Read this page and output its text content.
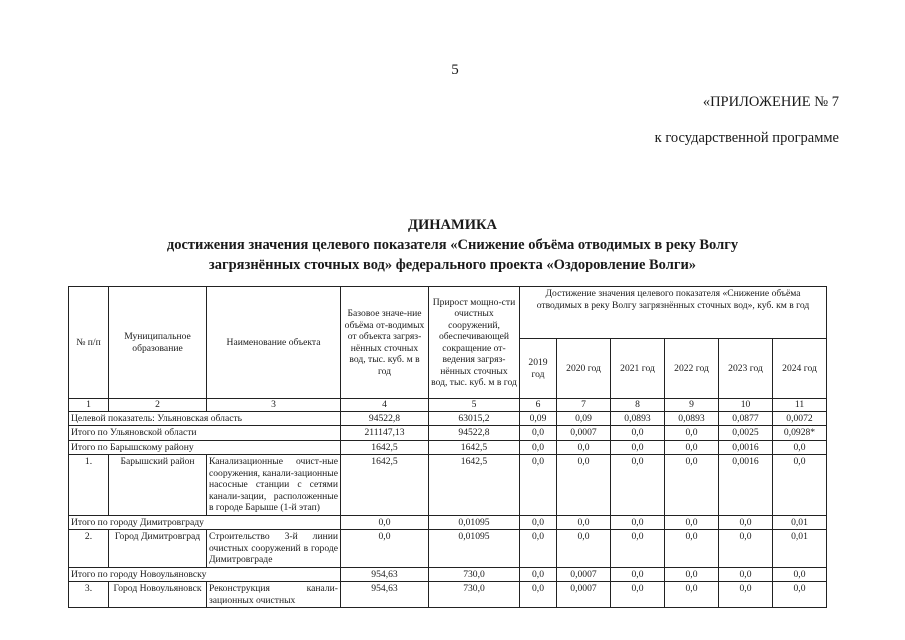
5
«ПРИЛОЖЕНИЕ № 7
к государственной программе
ДИНАМИКА
достижения значения целевого показателя «Снижение объёма отводимых в реку Волгу
загрязнённых сточных вод» федерального проекта «Оздоровление Волги»
№ п/п	Муниципальное образование	Наименование объекта	Базовое значе-ние объёма от-водимых от объекта загряз-нённых сточных вод, тыс. куб. м в год	Прирост мощно-сти очистных сооружений, обеспечивающей сокращение от-ведения загряз-нённых сточных вод, тыс. куб. м в год	Достижение значения целевого показателя «Снижение объёма отводимых в реку Волгу загрязнённых сточных вод», куб. км в год					
					2019 год	2020 год	2021 год	2022 год	2023 год	2024 год
1	2	3	4	5	6	7	8	9	10	11
Целевой показатель: Ульяновская область			94522,8	63015,2	0,09	0,09	0,0893	0,0893	0,0877	0,0072
Итого по Ульяновской области			211147,13	94522,8	0,0	0,0007	0,0	0,0	0,0025	0,0928*
Итого по Барышскому району			1642,5	1642,5	0,0	0,0	0,0	0,0	0,0016	0,0
1.	Барышский район	Канализационные очист-ные сооружения, канали-зационные насосные станции с сетями канали-зации, расположенные в городе Барыше (1-й этап)	1642,5	1642,5	0,0	0,0	0,0	0,0	0,0016	0,0
Итого по городу Димитровграду			0,0	0,01095	0,0	0,0	0,0	0,0	0,0	0,01
2.	Город Димитровград	Строительство 3-й линии очистных сооружений в городе Димитровграде	0,0	0,01095	0,0	0,0	0,0	0,0	0,0	0,01
Итого по городу Новоульяновску			954,63	730,0	0,0	0,0007	0,0	0,0	0,0	0,0
3.	Город Новоульяновск	Реконструкция канали-зационных очистных	954,63	730,0	0,0	0,0007	0,0	0,0	0,0	0,0
